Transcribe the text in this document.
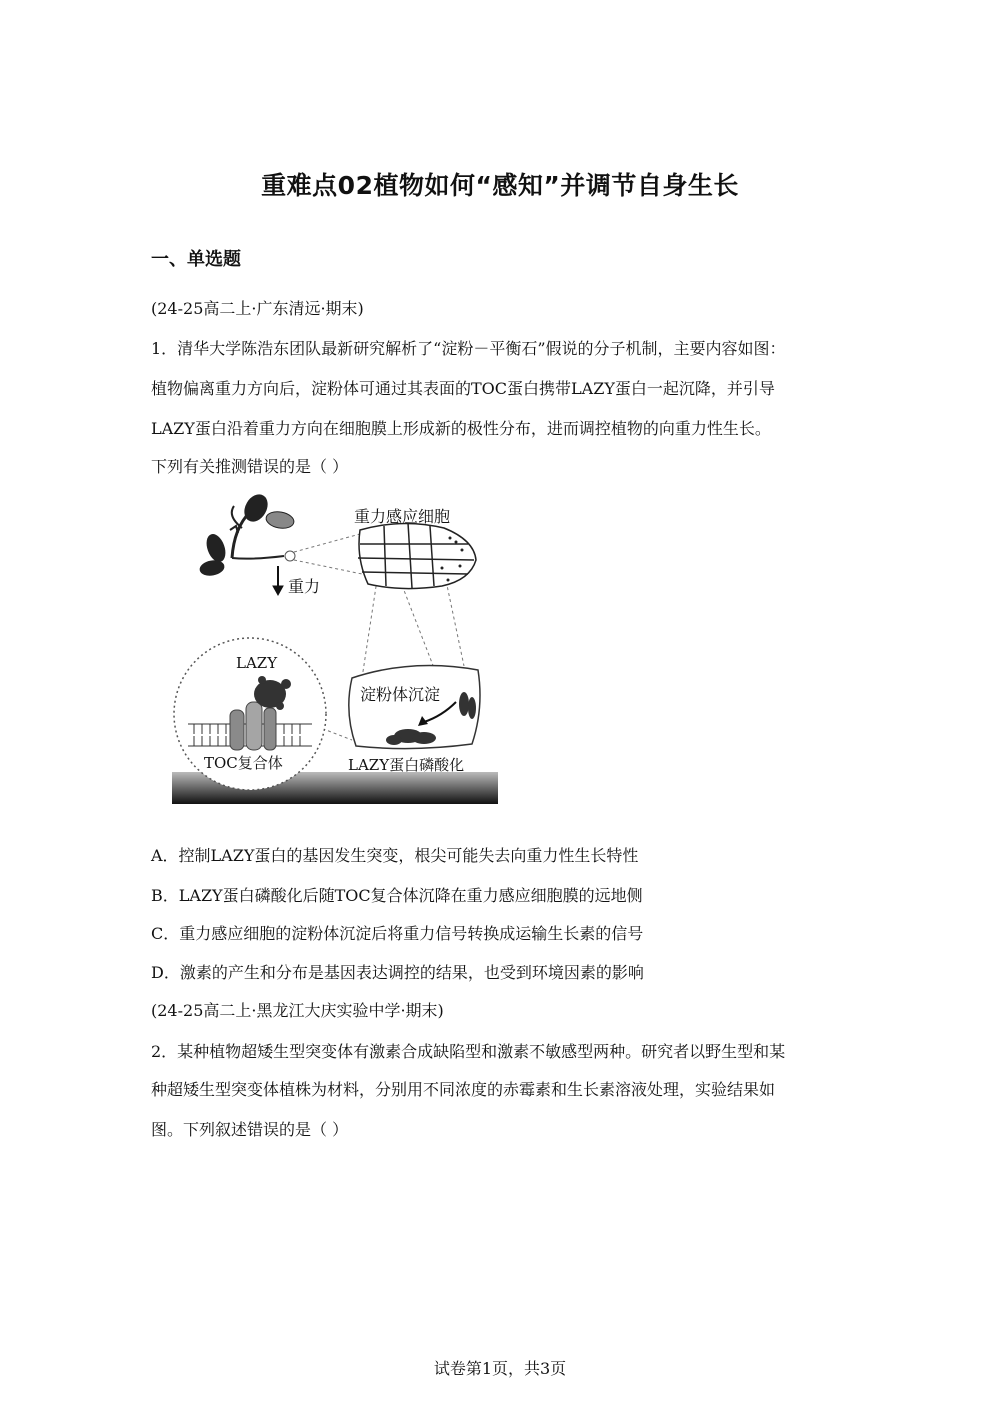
重难点02植物如何“感知”并调节自身生长
一、单选题
(24-25高二上·广东清远·期末)
1．清华大学陈浩东团队最新研究解析了“淀粉－平衡石”假说的分子机制，主要内容如图：
植物偏离重力方向后，淀粉体可通过其表面的TOC蛋白携带LAZY蛋白一起沉降，并引导
LAZY蛋白沿着重力方向在细胞膜上形成新的极性分布，进而调控植物的向重力性生长。
下列有关推测错误的是（ ）
重力
重力感应细胞
LAZY
TOC复合体
淀粉体沉淀
LAZY蛋白磷酸化
A．控制LAZY蛋白的基因发生突变，根尖可能失去向重力性生长特性
B．LAZY蛋白磷酸化后随TOC复合体沉降在重力感应细胞膜的远地侧
C．重力感应细胞的淀粉体沉淀后将重力信号转换成运输生长素的信号
D．激素的产生和分布是基因表达调控的结果，也受到环境因素的影响
(24-25高二上·黑龙江大庆实验中学·期末)
2．某种植物超矮生型突变体有激素合成缺陷型和激素不敏感型两种。研究者以野生型和某
种超矮生型突变体植株为材料，分别用不同浓度的赤霉素和生长素溶液处理，实验结果如
图。下列叙述错误的是（ ）
试卷第1页，共3页
